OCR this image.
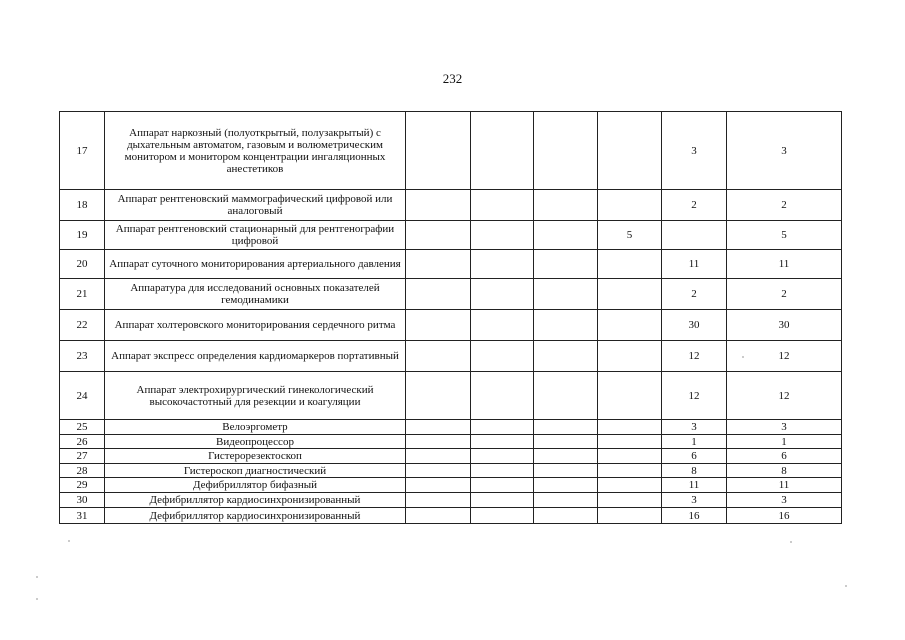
232
17	Аппарат наркозный (полуоткрытый, полузакрытый) с дыхательным автоматом, газовым и волюметрическим монитором и монитором концентрации ингаляционных анестетиков					3	3
18	Аппарат рентгеновский маммографический цифровой или аналоговый					2	2
19	Аппарат рентгеновский стационарный для рентгенографии цифровой				5		5
20	Аппарат суточного мониторирования артериального давления					11	11
21	Аппаратура для исследований основных показателей гемодинамики					2	2
22	Аппарат холтеровского мониторирования сердечного ритма					30	30
23	Аппарат экспресс определения кардиомаркеров портативный					12	12
24	Аппарат электрохирургический гинекологический высокочастотный для резекции и коагуляции					12	12
25	Велоэргометр					3	3
26	Видеопроцессор					1	1
27	Гистерорезектоскоп					6	6
28	Гистероскоп диагностический					8	8
29	Дефибриллятор бифазный					11	11
30	Дефибриллятор кардиосинхронизированный					3	3
31	Дефибриллятор кардиосинхронизированный					16	16
